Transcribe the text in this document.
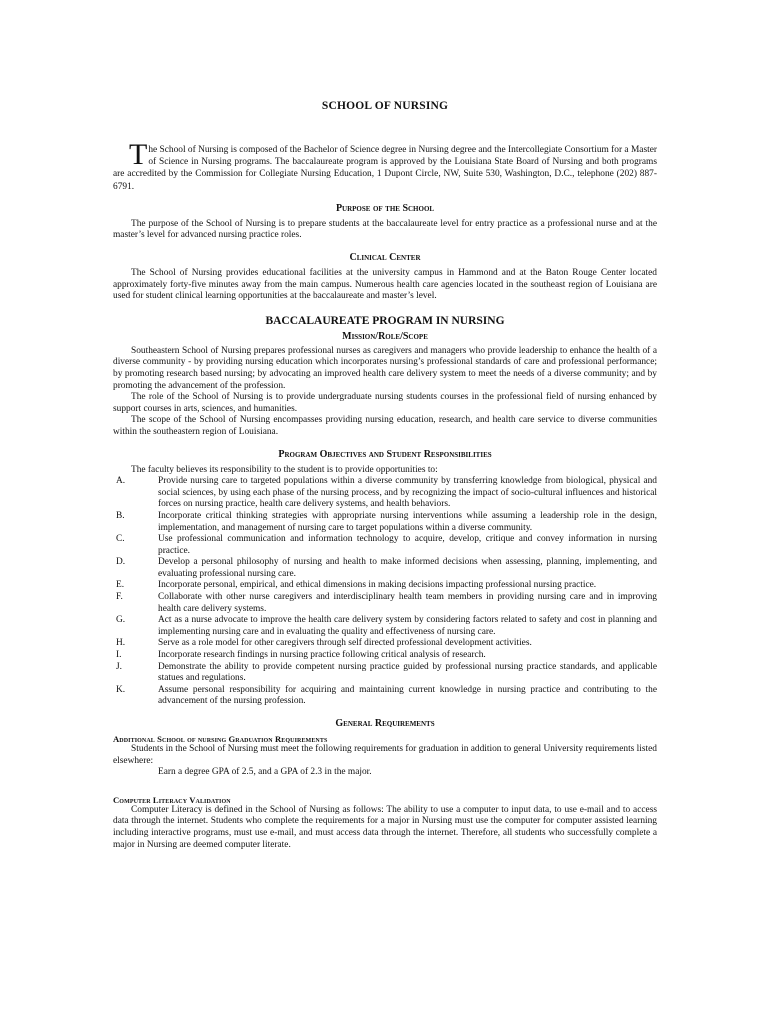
SCHOOL OF NURSING

The School of Nursing is composed of the Bachelor of Science degree in Nursing degree and the Intercollegiate Consortium for a Master of Science in Nursing programs. The baccalaureate program is approved by the Louisiana State Board of Nursing and both programs are accredited by the Commission for Collegiate Nursing Education, 1 Dupont Circle, NW, Suite 530, Washington, D.C., telephone (202) 887-6791.

Purpose of the School

The purpose of the School of Nursing is to prepare students at the baccalaureate level for entry practice as a professional nurse and at the master’s level for advanced nursing practice roles.

Clinical Center

The School of Nursing provides educational facilities at the university campus in Hammond and at the Baton Rouge Center located approximately forty-five minutes away from the main campus. Numerous health care agencies located in the southeast region of Louisiana are used for student clinical learning opportunities at the baccalaureate and master’s level.

BACCALAUREATE PROGRAM IN NURSING
Mission/Role/Scope

Southeastern School of Nursing prepares professional nurses as caregivers and managers who provide leadership to enhance the health of a diverse community - by providing nursing education which incorporates nursing’s professional standards of care and professional performance; by promoting research based nursing; by advocating an improved health care delivery system to meet the needs of a diverse community; and by promoting the advancement of the profession.

The role of the School of Nursing is to provide undergraduate nursing students courses in the professional field of nursing enhanced by support courses in arts, sciences, and humanities.

The scope of the School of Nursing encompasses providing nursing education, research, and health care service to diverse communities within the southeastern region of Louisiana.

Program Objectives and Student Responsibilities

The faculty believes its responsibility to the student is to provide opportunities to:

A.	Provide nursing care to targeted populations within a diverse community by transferring knowledge from biological, physical and social sciences, by using each phase of the nursing process, and by recognizing the impact of socio-cultural influences and historical forces on nursing practice, health care delivery systems, and health behaviors.
B.	Incorporate critical thinking strategies with appropriate nursing interventions while assuming a leadership role in the design, implementation, and management of nursing care to target populations within a diverse community.
C.	Use professional communication and information technology to acquire, develop, critique and convey information in nursing practice.
D.	Develop a personal philosophy of nursing and health to make informed decisions when assessing, planning, implementing, and evaluating professional nursing care.
E.	Incorporate personal, empirical, and ethical dimensions in making decisions impacting professional nursing practice.
F.	Collaborate with other nurse caregivers and interdisciplinary health team members in providing nursing care and in improving health care delivery systems.
G.	Act as a nurse advocate to improve the health care delivery system by considering factors related to safety and cost in planning and implementing nursing care and in evaluating the quality and effectiveness of nursing care.
H.	Serve as a role model for other caregivers through self directed professional development activities.
I.	Incorporate research findings in nursing practice following critical analysis of research.
J.	Demonstrate the ability to provide competent nursing practice guided by professional nursing practice standards, and applicable statues and regulations.
K.	Assume personal responsibility for acquiring and maintaining current knowledge in nursing practice and contributing to the advancement of the nursing profession.
General Requirements
Additional School of nursing Graduation Requirements

Students in the School of Nursing must meet the following requirements for graduation in addition to general University requirements listed elsewhere:

Earn a degree GPA of 2.5, and a GPA of 2.3 in the major.

Computer Literacy Validation

Computer Literacy is defined in the School of Nursing as follows: The ability to use a computer to input data, to use e-mail and to access data through the internet. Students who complete the requirements for a major in Nursing must use the computer for computer assisted learning including interactive programs, must use e-mail, and must access data through the internet. Therefore, all students who successfully complete a major in Nursing are deemed computer literate.
